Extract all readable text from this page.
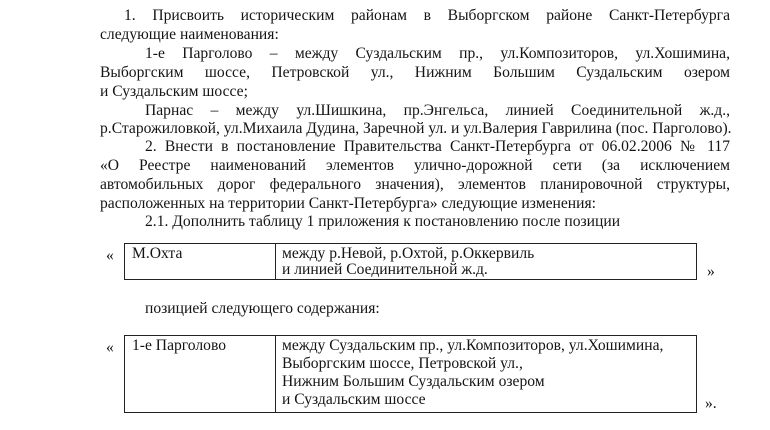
1. Присвоить историческим районам в Выборгском районе Санкт-Петербурга
следующие наименования:
1-е Парголово – между Суздальским пр., ул.Композиторов, ул.Хошимина,
Выборгским шоссе, Петровской ул., Нижним Большим Суздальским озером
и Суздальским шоссе;
Парнас – между ул.Шишкина, пр.Энгельса, линией Соединительной ж.д.,
р.Старожиловкой, ул.Михаила Дудина, Заречной ул. и ул.Валерия Гаврилина (пос. Парголово).
2. Внести в постановление Правительства Санкт-Петербурга от 06.02.2006 № 117
«О Реестре наименований элементов улично-дорожной сети (за исключением
автомобильных дорог федерального значения), элементов планировочной структуры,
расположенных на территории Санкт-Петербурга» следующие изменения:
2.1. Дополнить таблицу 1 приложения к постановлению после позиции
« М.Охта	между р.Невой, р.Охтой, р.Оккервиль
и линией Соединительной ж.д.	»
позицией следующего содержания:
« 1-е Парголово	между Суздальским пр., ул.Композиторов, ул.Хошимина,
Выборгским шоссе, Петровской ул.,
Нижним Большим Суздальским озером
и Суздальским шоссе	».
